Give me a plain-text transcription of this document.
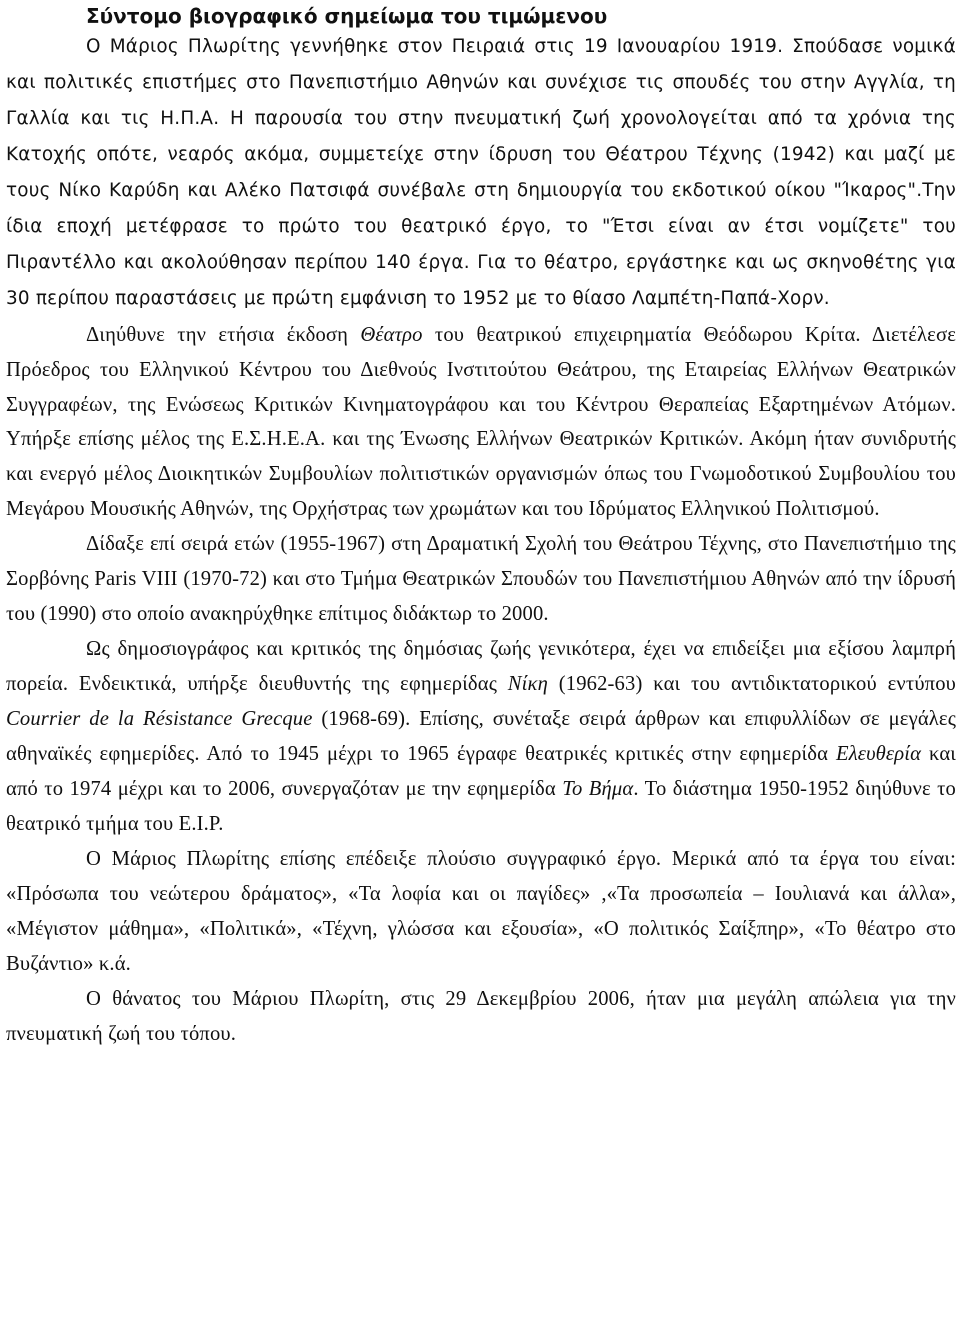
Σύντομο βιογραφικό σημείωμα του τιμώμενου

Ο Μάριος Πλωρίτης γεννήθηκε στον Πειραιά στις 19 Ιανουαρίου 1919. Σπούδασε νομικά και πολιτικές επιστήμες στο Πανεπιστήμιο Αθηνών και συνέχισε τις σπουδές του στην Αγγλία, τη Γαλλία και τις Η.Π.Α. Η παρουσία του στην πνευματική ζωή χρονολογείται από τα χρόνια της Κατοχής οπότε, νεαρός ακόμα, συμμετείχε στην ίδρυση του Θέατρου Τέχνης (1942) και μαζί με τους Νίκο Καρύδη και Αλέκο Πατσιφά συνέβαλε στη δημιουργία του εκδοτικού οίκου "Ίκαρος".Την ίδια εποχή μετέφρασε το πρώτο του θεατρικό έργο, το "Έτσι είναι αν έτσι νομίζετε" του Πιραντέλλο και ακολούθησαν περίπου 140 έργα. Για το θέατρο, εργάστηκε και ως σκηνοθέτης για 30 περίπου παραστάσεις με πρώτη εμφάνιση το 1952 με το θίασο Λαμπέτη-Παπά-Χορν.

Διηύθυνε την ετήσια έκδοση Θέατρο του θεατρικού επιχειρηματία Θεόδωρου Κρίτα. Διετέλεσε Πρόεδρος του Ελληνικού Κέντρου του Διεθνούς Ινστιτούτου Θεάτρου, της Εταιρείας Ελλήνων Θεατρικών Συγγραφέων, της Ενώσεως Κριτικών Κινηματογράφου και του Κέντρου Θεραπείας Εξαρτημένων Ατόμων. Υπήρξε επίσης μέλος της Ε.Σ.Η.Ε.Α. και της Ένωσης Ελλήνων Θεατρικών Κριτικών. Ακόμη ήταν συνιδρυτής και ενεργό μέλος Διοικητικών Συμβουλίων πολιτιστικών οργανισμών όπως του Γνωμοδοτικού Συμβουλίου του Μεγάρου Μουσικής Αθηνών, της Ορχήστρας των χρωμάτων και του Ιδρύματος Ελληνικού Πολιτισμού.

Δίδαξε επί σειρά ετών (1955-1967) στη Δραματική Σχολή του Θεάτρου Τέχνης, στο Πανεπιστήμιο της Σορβόνης Paris VIII (1970-72) και στο Τμήμα Θεατρικών Σπουδών του Πανεπιστήμιου Αθηνών από την ίδρυσή του (1990) στο οποίο ανακηρύχθηκε επίτιμος διδάκτωρ το 2000.

Ως δημοσιογράφος και κριτικός της δημόσιας ζωής γενικότερα, έχει να επιδείξει μια εξίσου λαμπρή πορεία. Ενδεικτικά, υπήρξε διευθυντής της εφημερίδας Νίκη (1962-63) και του αντιδικτατορικού εντύπου Courrier de la Résistance Grecque (1968-69). Επίσης, συνέταξε σειρά άρθρων και επιφυλλίδων σε μεγάλες αθηναϊκές εφημερίδες. Από το 1945 μέχρι το 1965 έγραφε θεατρικές κριτικές στην εφημερίδα Ελευθερία και από το 1974 μέχρι και το 2006, συνεργαζόταν με την εφημερίδα Το Βήμα. Το διάστημα 1950-1952 διηύθυνε το θεατρικό τμήμα του Ε.Ι.Ρ.

Ο Μάριος Πλωρίτης επίσης επέδειξε πλούσιο συγγραφικό έργο. Μερικά από τα έργα του είναι: «Πρόσωπα του νεώτερου δράματος», «Τα λοφία και οι παγίδες» ,«Τα προσωπεία – Ιουλιανά και άλλα», «Μέγιστον μάθημα», «Πολιτικά», «Τέχνη, γλώσσα και εξουσία», «Ο πολιτικός Σαίξπηρ», «Το θέατρο στο Βυζάντιο» κ.ά.

Ο θάνατος του Μάριου Πλωρίτη, στις 29 Δεκεμβρίου 2006, ήταν μια μεγάλη απώλεια για την πνευματική ζωή του τόπου.
